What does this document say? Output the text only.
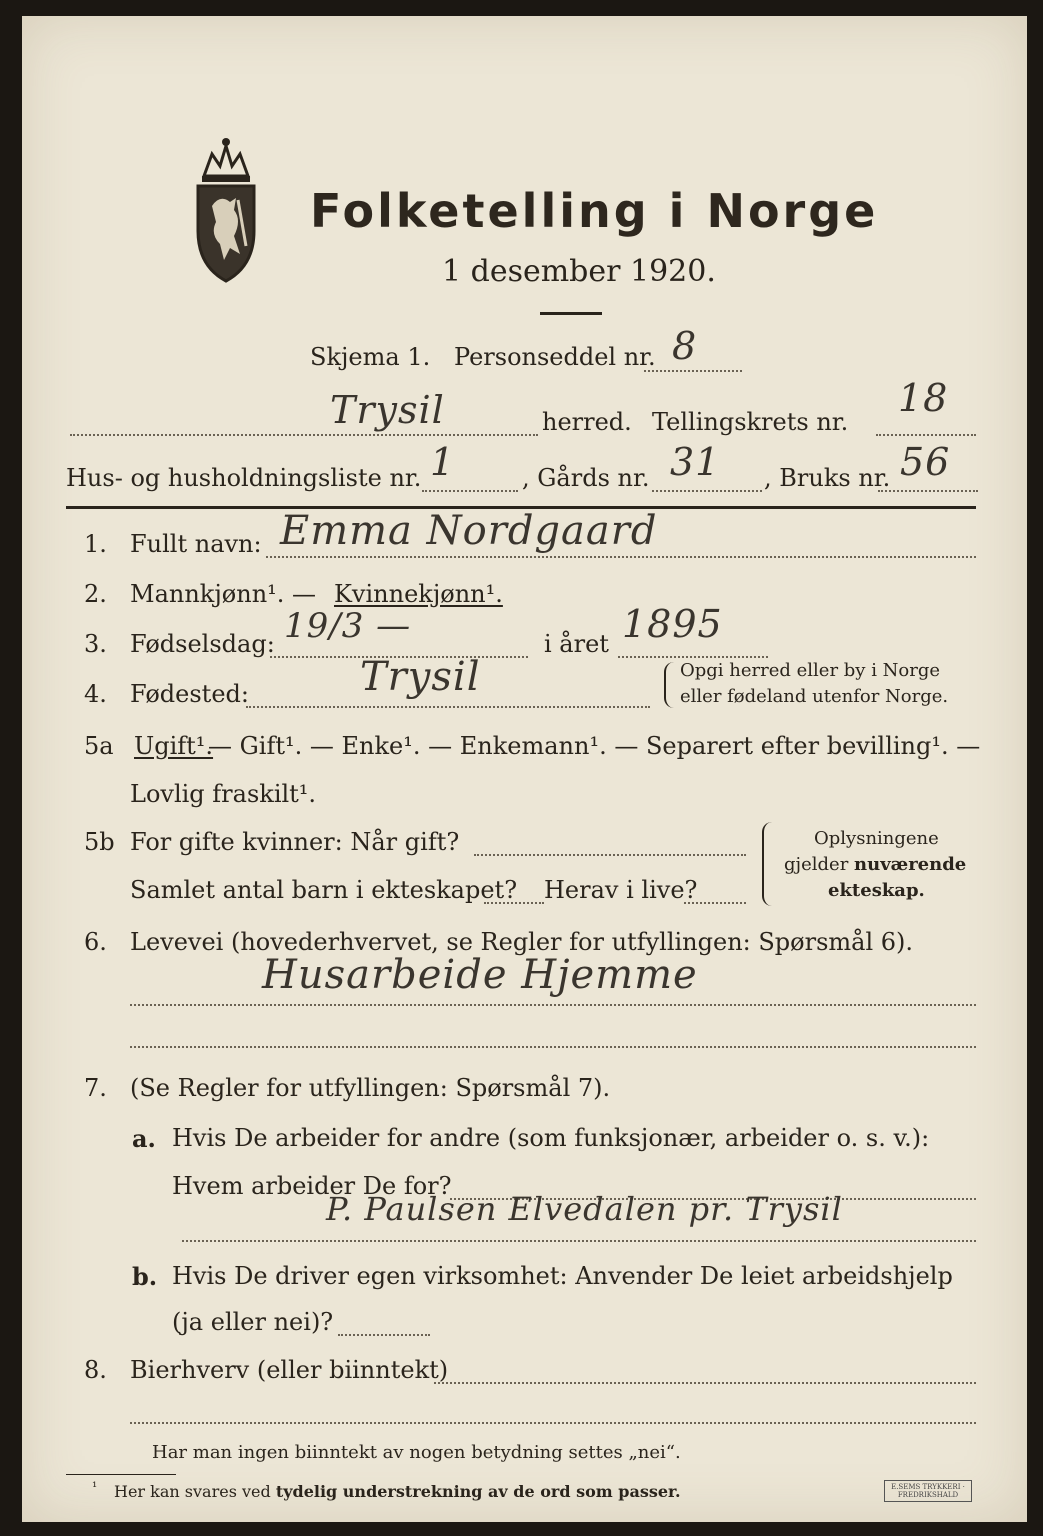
Folketelling i Norge
1 desember 1920.
Skjema 1. Personseddel nr. 8
Trysil	herred. Tellingskrets nr.
18
Hus- og husholdningsliste nr. 1	, Gårds nr. 31 , Bruks nr. 56
1. Fullt navn: Emma Nordgaard
2. Mannkjønn¹. — Kvinnekjønn¹.
3. Fødselsdag: 19/3 —	i året 1895
4. Fødested:	Trysil	Opgi herred eller by i Norge
eller fødeland utenfor Norge.
5a Ugift¹.
— Gift¹. — Enke¹. — Enkemann¹. — Separert efter bevilling¹. —
Lovlig fraskilt¹.
5b For gifte kvinner: Når gift?
Samlet antal barn i ekteskapet? Herav i live?
Oplysningene
gjelder nuværende
ekteskap.
6. Levevei (hovederhvervet, se Regler for utfyllingen: Spørsmål 6).
Husarbeide Hjemme
7. (Se Regler for utfyllingen: Spørsmål 7).
a. Hvis De arbeider for andre (som funksjonær, arbeider o. s. v.):
Hvem arbeider De for?
P. Paulsen Elvedalen pr. Trysil
b. Hvis De driver egen virksomhet: Anvender De leiet arbeidshjelp
(ja eller nei)?
8. Bierhverv (eller biinntekt)
Har man ingen biinntekt av nogen betydning settes „nei“.
¹ Her kan svares ved tydelig understrekning av de ord som passer.	E.SEMS TRYKKERI · FREDRIKSHALD
